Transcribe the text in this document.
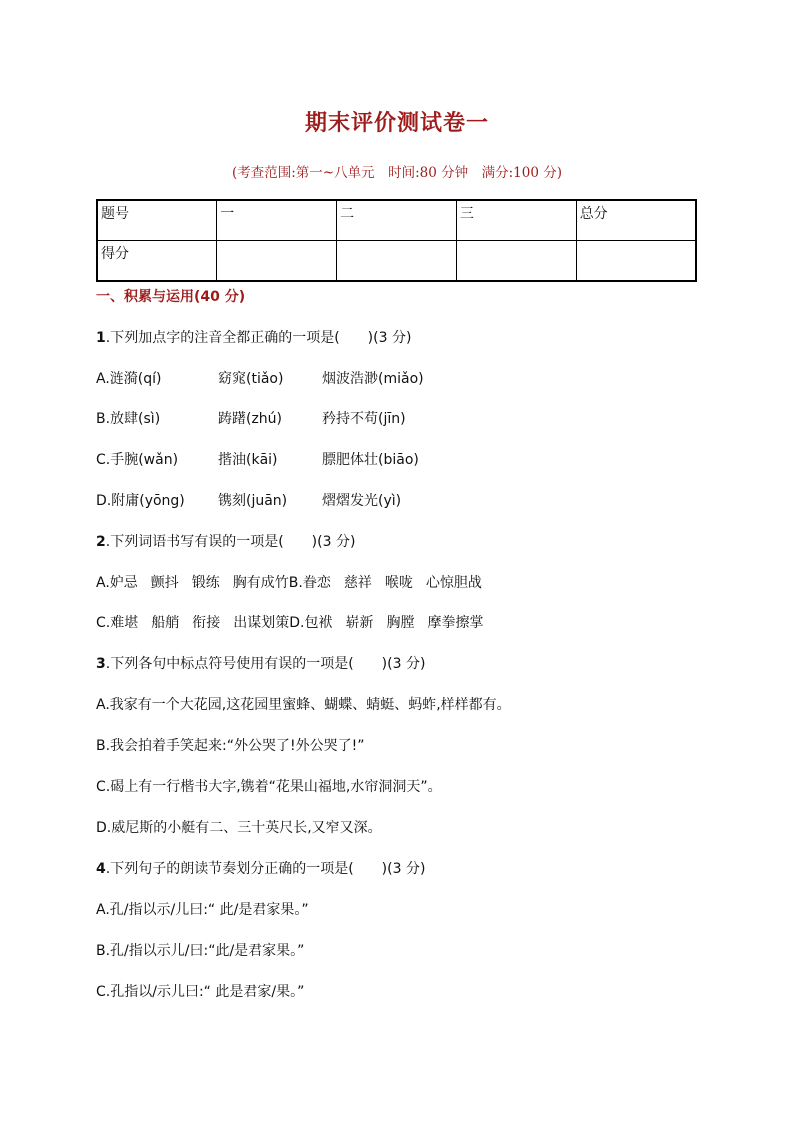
期末评价测试卷一
(考查范围:第一~八单元　时间:80 分钟　满分:100 分)
题号	一	二	三	总分
得分				
一、积累与运用(40 分)
1.下列加点字的注音全都正确的一项是(　　)(3 分)
A.涟漪(qí)	窈窕(tiǎo)	烟波浩渺(miǎo)
B.放肆(sì)	踌躇(zhú)	矜持不苟(jīn)
C.手腕(wǎn)	揩油(kāi)	膘肥体壮(biāo)
D.附庸(yōng) 镌刻(juān) 熠熠发光(yì)
2.下列词语书写有误的一项是(　　)(3 分)
A.妒忌 颤抖 锻练 胸有成竹B.眷恋 慈祥 喉咙 心惊胆战
C.难堪 船艄 衔接 出谋划策D.包袱 崭新 胸膛 摩拳擦掌
3.下列各句中标点符号使用有误的一项是(　　)(3 分)
A.我家有一个大花园,这花园里蜜蜂、蝴蝶、蜻蜓、蚂蚱,样样都有。
B.我会拍着手笑起来:“外公哭了!外公哭了!”
C.碣上有一行楷书大字,镌着“花果山福地,水帘洞洞天”。
D.威尼斯的小艇有二、三十英尺长,又窄又深。
4.下列句子的朗读节奏划分正确的一项是(　　)(3 分)
A.孔/指以示/儿曰:“ 此/是君家果。”
B.孔/指以示儿/曰:“此/是君家果。”
C.孔指以/示儿曰:“ 此是君家/果。”
